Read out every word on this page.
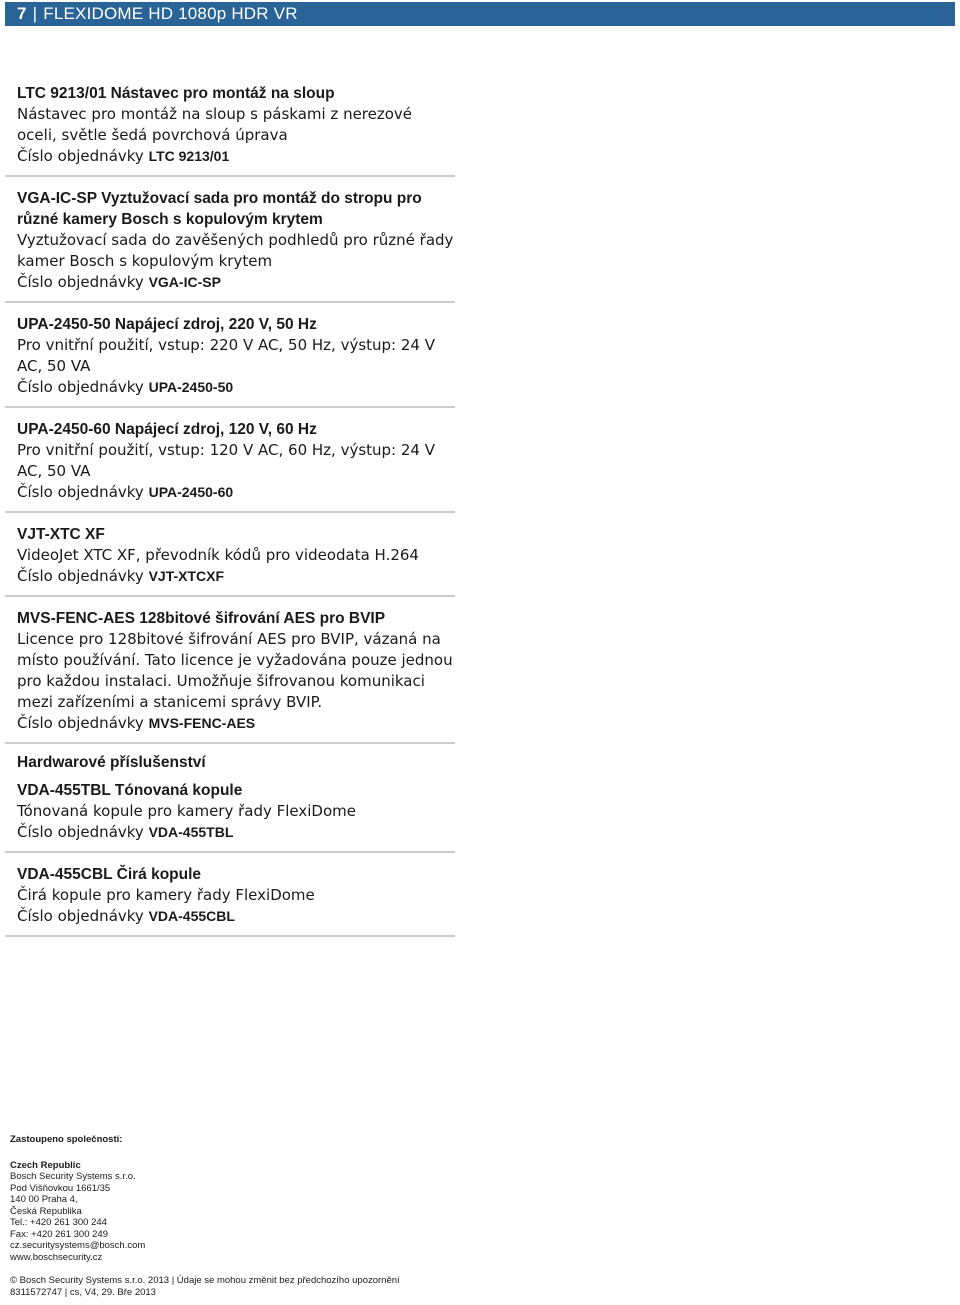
7 | FLEXIDOME HD 1080p HDR VR
LTC 9213/01 Nástavec pro montáž na sloup
Nástavec pro montáž na sloup s páskami z nerezové oceli, světle šedá povrchová úprava
Číslo objednávky LTC 9213/01
VGA-IC-SP Vyztužovací sada pro montáž do stropu pro různé kamery Bosch s kopulovým krytem
Vyztužovací sada do zavěšených podhledů pro různé řady kamer Bosch s kopulovým krytem
Číslo objednávky VGA-IC-SP
UPA-2450-50 Napájecí zdroj, 220 V, 50 Hz
Pro vnitřní použití, vstup: 220 V AC, 50 Hz, výstup: 24 V AC, 50 VA
Číslo objednávky UPA-2450-50
UPA-2450-60 Napájecí zdroj, 120 V, 60 Hz
Pro vnitřní použití, vstup: 120 V AC, 60 Hz, výstup: 24 V AC, 50 VA
Číslo objednávky UPA-2450-60
VJT-XTC XF
VideoJet XTC XF, převodník kódů pro videodata H.264
Číslo objednávky VJT-XTCXF
MVS-FENC-AES 128bitové šifrování AES pro BVIP
Licence pro 128bitové šifrování AES pro BVIP, vázaná na místo používání. Tato licence je vyžadována pouze jednou pro každou instalaci. Umožňuje šifrovanou komunikaci mezi zařízeními a stanicemi správy BVIP.
Číslo objednávky MVS-FENC-AES
Hardwarové příslušenství
VDA-455TBL Tónovaná kopule
Tónovaná kopule pro kamery řady FlexiDome
Číslo objednávky VDA-455TBL
VDA-455CBL Čirá kopule
Čirá kopule pro kamery řady FlexiDome
Číslo objednávky VDA-455CBL
Zastoupeno společností:
Czech Republic
Bosch Security Systems s.r.o.
Pod Višňovkou 1661/35
140 00 Praha 4,
Česká Republika
Tel.: +420 261 300 244
Fax: +420 261 300 249
cz.securitysystems@bosch.com
www.boschsecurity.cz
© Bosch Security Systems s.r.o. 2013 | Údaje se mohou změnit bez předchozího upozornění
8311572747 | cs, V4, 29. Bře 2013
